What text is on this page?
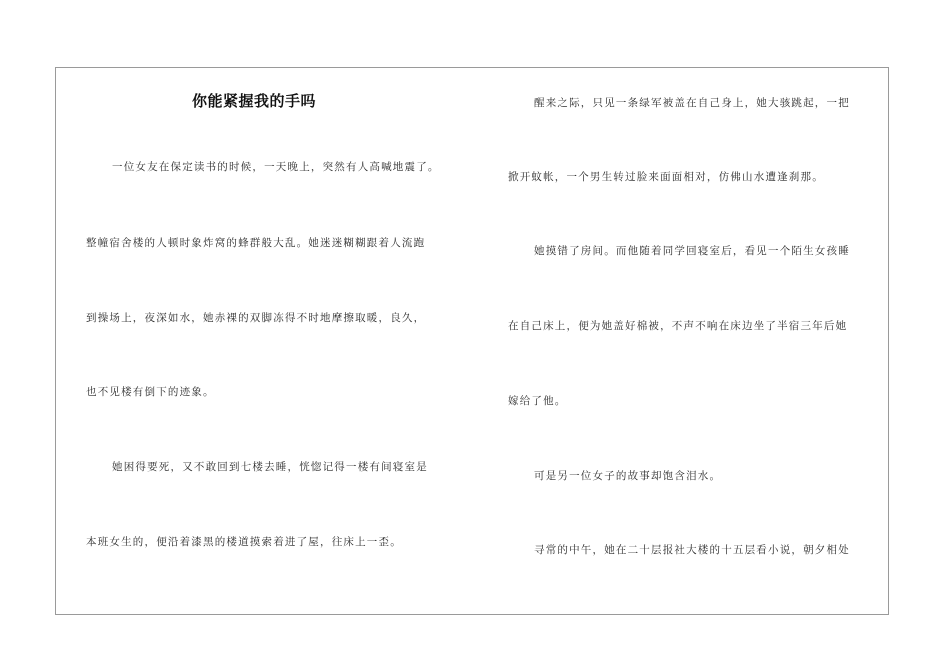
你能紧握我的手吗
一位女友在保定读书的时候，一天晚上，突然有人高喊地震了。
整幢宿舍楼的人顿时象炸窝的蜂群般大乱。她迷迷糊糊跟着人流跑
到操场上，夜深如水，她赤裸的双脚冻得不时地摩擦取暖，良久，
也不见楼有倒下的迹象。
她困得要死，又不敢回到七楼去睡，恍惚记得一楼有间寝室是
本班女生的，便沿着漆黑的楼道摸索着进了屋，往床上一歪。
醒来之际，只见一条绿军被盖在自己身上，她大骇跳起，一把
掀开蚊帐，一个男生转过脸来面面相对，仿佛山水遭逢刹那。
她摸错了房间。而他随着同学回寝室后，看见一个陌生女孩睡
在自己床上，便为她盖好棉被，不声不响在床边坐了半宿三年后她
嫁给了他。
可是另一位女子的故事却饱含泪水。
寻常的中午，她在二十层报社大楼的十五层看小说，朝夕相处
